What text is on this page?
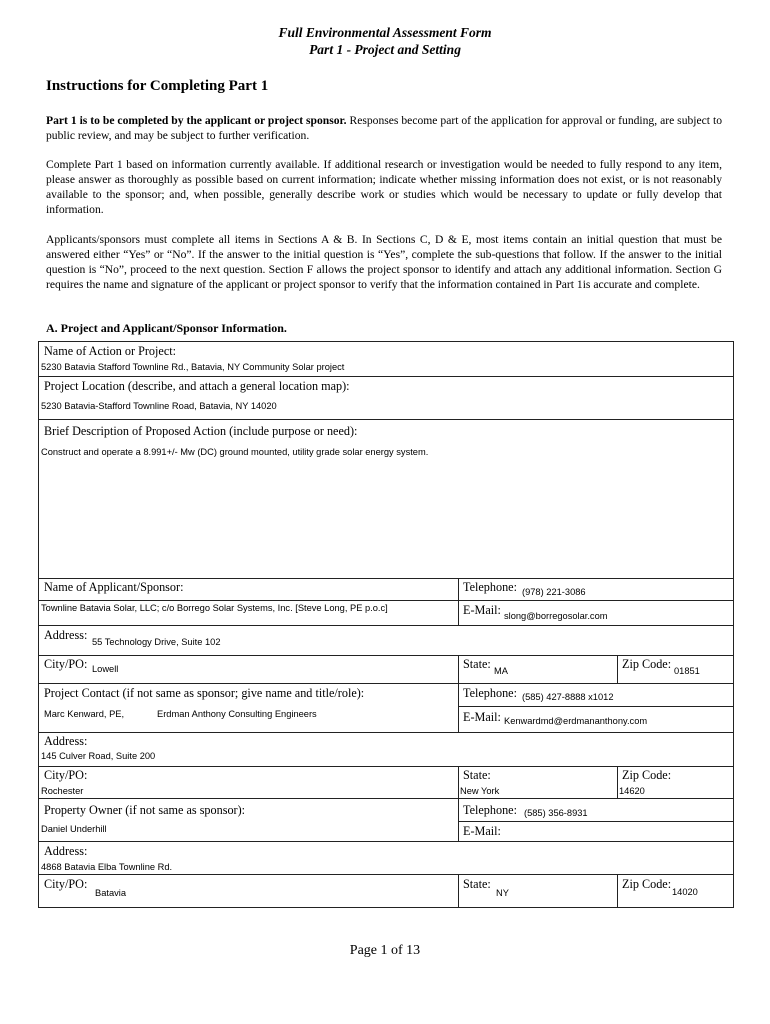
Full Environmental Assessment Form
Part 1 - Project and Setting
Instructions for Completing Part 1
Part 1 is to be completed by the applicant or project sponsor. Responses become part of the application for approval or funding, are subject to public review, and may be subject to further verification.
Complete Part 1 based on information currently available. If additional research or investigation would be needed to fully respond to any item, please answer as thoroughly as possible based on current information; indicate whether missing information does not exist, or is not reasonably available to the sponsor; and, when possible, generally describe work or studies which would be necessary to update or fully develop that information.
Applicants/sponsors must complete all items in Sections A & B. In Sections C, D & E, most items contain an initial question that must be answered either “Yes” or “No”. If the answer to the initial question is “Yes”, complete the sub-questions that follow. If the answer to the initial question is “No”, proceed to the next question. Section F allows the project sponsor to identify and attach any additional information. Section G requires the name and signature of the applicant or project sponsor to verify that the information contained in Part 1is accurate and complete.
A. Project and Applicant/Sponsor Information.
Name of Action or Project:
5230 Batavia Stafford Townline Rd., Batavia, NY Community Solar project
Project Location (describe, and attach a general location map):
5230 Batavia-Stafford Townline Road, Batavia, NY 14020
Brief Description of Proposed Action (include purpose or need):
Construct and operate a 8.991+/- Mw (DC) ground mounted, utility grade solar energy system.
Name of Applicant/Sponsor:
Townline Batavia Solar, LLC; c/o Borrego Solar Systems, Inc. [Steve Long, PE p.o.c]
Telephone: (978) 221-3086
E-Mail: slong@borregosolar.com
Address: 55 Technology Drive, Suite 102
City/PO: Lowell	State: MA	Zip Code: 01851
Project Contact (if not same as sponsor; give name and title/role):
Marc Kenward, PE,	Erdman Anthony Consulting Engineers
Telephone: (585) 427-8888 x1012
E-Mail: Kenwardmd@erdmananthony.com
Address:
145 Culver Road, Suite 200
City/PO:
Rochester
State:
New York
Zip Code:
14620
Property Owner (if not same as sponsor):
Daniel Underhill
Telephone: (585) 356-8931
E-Mail:
Address:
4868 Batavia Elba Townline Rd.
City/PO:
Batavia
State:
NY
Zip Code:
14020
Page 1 of 13
